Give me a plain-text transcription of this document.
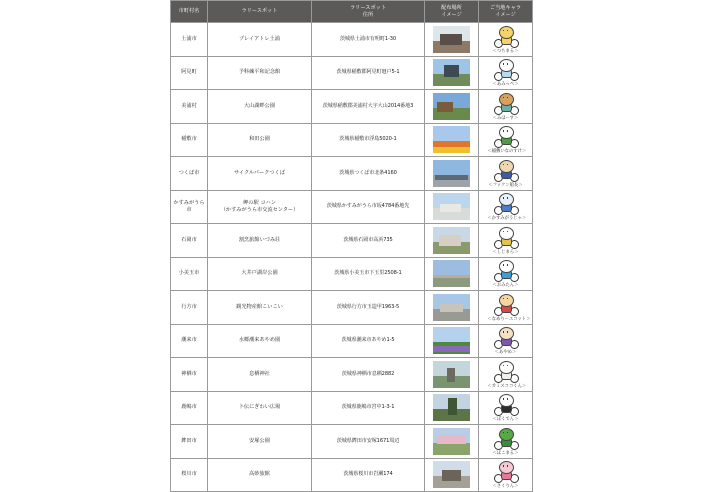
市町村名	ラリースポット	ラリースポット
住所	配布場所
イメージ	ご当地キャラ
イメージ
土浦市	プレイアトレ土浦	茨城県土浦市有明町1-30		＜つちまる＞

阿見町	予科練平和記念館	茨城県稲敷郡阿見町廻戸5-1		＜あみっぺ＞

美浦村	大山湖畔公園	茨城県稲敷郡美浦村大字大山2014番地3		＜みほーす＞

稲敷市	和田公園	茨城県稲敷市浮島5020-1		＜稲敷いなのすけ＞

つくば市	サイクルパークつくば	茨城県つくば市北条4160		＜フックン船長＞

かすみがうら市	岬の駅 コハン
（かすみがうら市交流センター）	茨城県かすみがうら市坂4784番地先		＜かすみがうじゃ＞

石岡市	割烹旅館いづみ荘	茨城県石岡市高浜735		＜しじまろ＞

小美玉市	大井戸湖岸公園	茨城県小美玉市下玉里2508-1		＜おみたん＞

行方市	観光物産館こいこい	茨城県行方市玉造甲1963-5		＜なめりーエコット＞

潮来市	水郷潮来あやめ園	茨城県潮来市あやめ1-5		＜あやめ＞

神栖市	息栖神社	茨城県神栖市息栖2882		＜カミスココくん＞

鹿嶋市	卜伝にぎわい広場	茨城県鹿嶋市宮中1-3-1		＜ぼくでん＞

鉾田市	安塚公園	茨城県鉾田市安塚1671周辺		＜ほこまる＞

桜川市	高砂旅館	茨城県桜川市岩瀬174		＜さくりん＞
